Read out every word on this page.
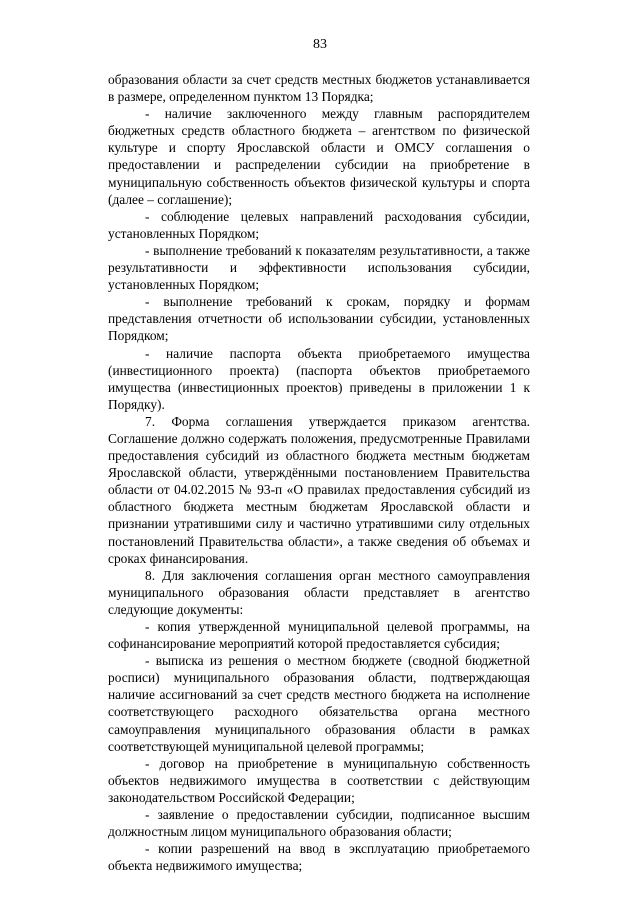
83

образования области за счет средств местных бюджетов устанавливается в размере, определенном пунктом 13 Порядка;

- наличие заключенного между главным распорядителем бюджетных средств областного бюджета – агентством по физической культуре и спорту Ярославской области и ОМСУ соглашения о предоставлении и распределении субсидии на приобретение в муниципальную собственность объектов физической культуры и спорта (далее – соглашение);

- соблюдение целевых направлений расходования субсидии, установленных Порядком;

- выполнение требований к показателям результативности, а также результативности и эффективности использования субсидии, установленных Порядком;

- выполнение требований к срокам, порядку и формам представления отчетности об использовании субсидии, установленных Порядком;

- наличие паспорта объекта приобретаемого имущества (инвестиционного проекта) (паспорта объектов приобретаемого имущества (инвестиционных проектов) приведены в приложении 1 к Порядку).

7. Форма соглашения утверждается приказом агентства. Соглашение должно содержать положения, предусмотренные Правилами предоставления субсидий из областного бюджета местным бюджетам Ярославской области, утверждёнными постановлением Правительства области от 04.02.2015 № 93-п «О правилах предоставления субсидий из областного бюджета местным бюджетам Ярославской области и признании утратившими силу и частично утратившими силу отдельных постановлений Правительства области», а также сведения об объемах и сроках финансирования.

8. Для заключения соглашения орган местного самоуправления муниципального образования области представляет в агентство следующие документы:

- копия утвержденной муниципальной целевой программы, на софинансирование мероприятий которой предоставляется субсидия;

- выписка из решения о местном бюджете (сводной бюджетной росписи) муниципального образования области, подтверждающая наличие ассигнований за счет средств местного бюджета на исполнение соответствующего расходного обязательства органа местного самоуправления муниципального образования области в рамках соответствующей муниципальной целевой программы;

- договор на приобретение в муниципальную собственность объектов недвижимого имущества в соответствии с действующим законодательством Российской Федерации;

- заявление о предоставлении субсидии, подписанное высшим должностным лицом муниципального образования области;

- копии разрешений на ввод в эксплуатацию приобретаемого объекта недвижимого имущества;
